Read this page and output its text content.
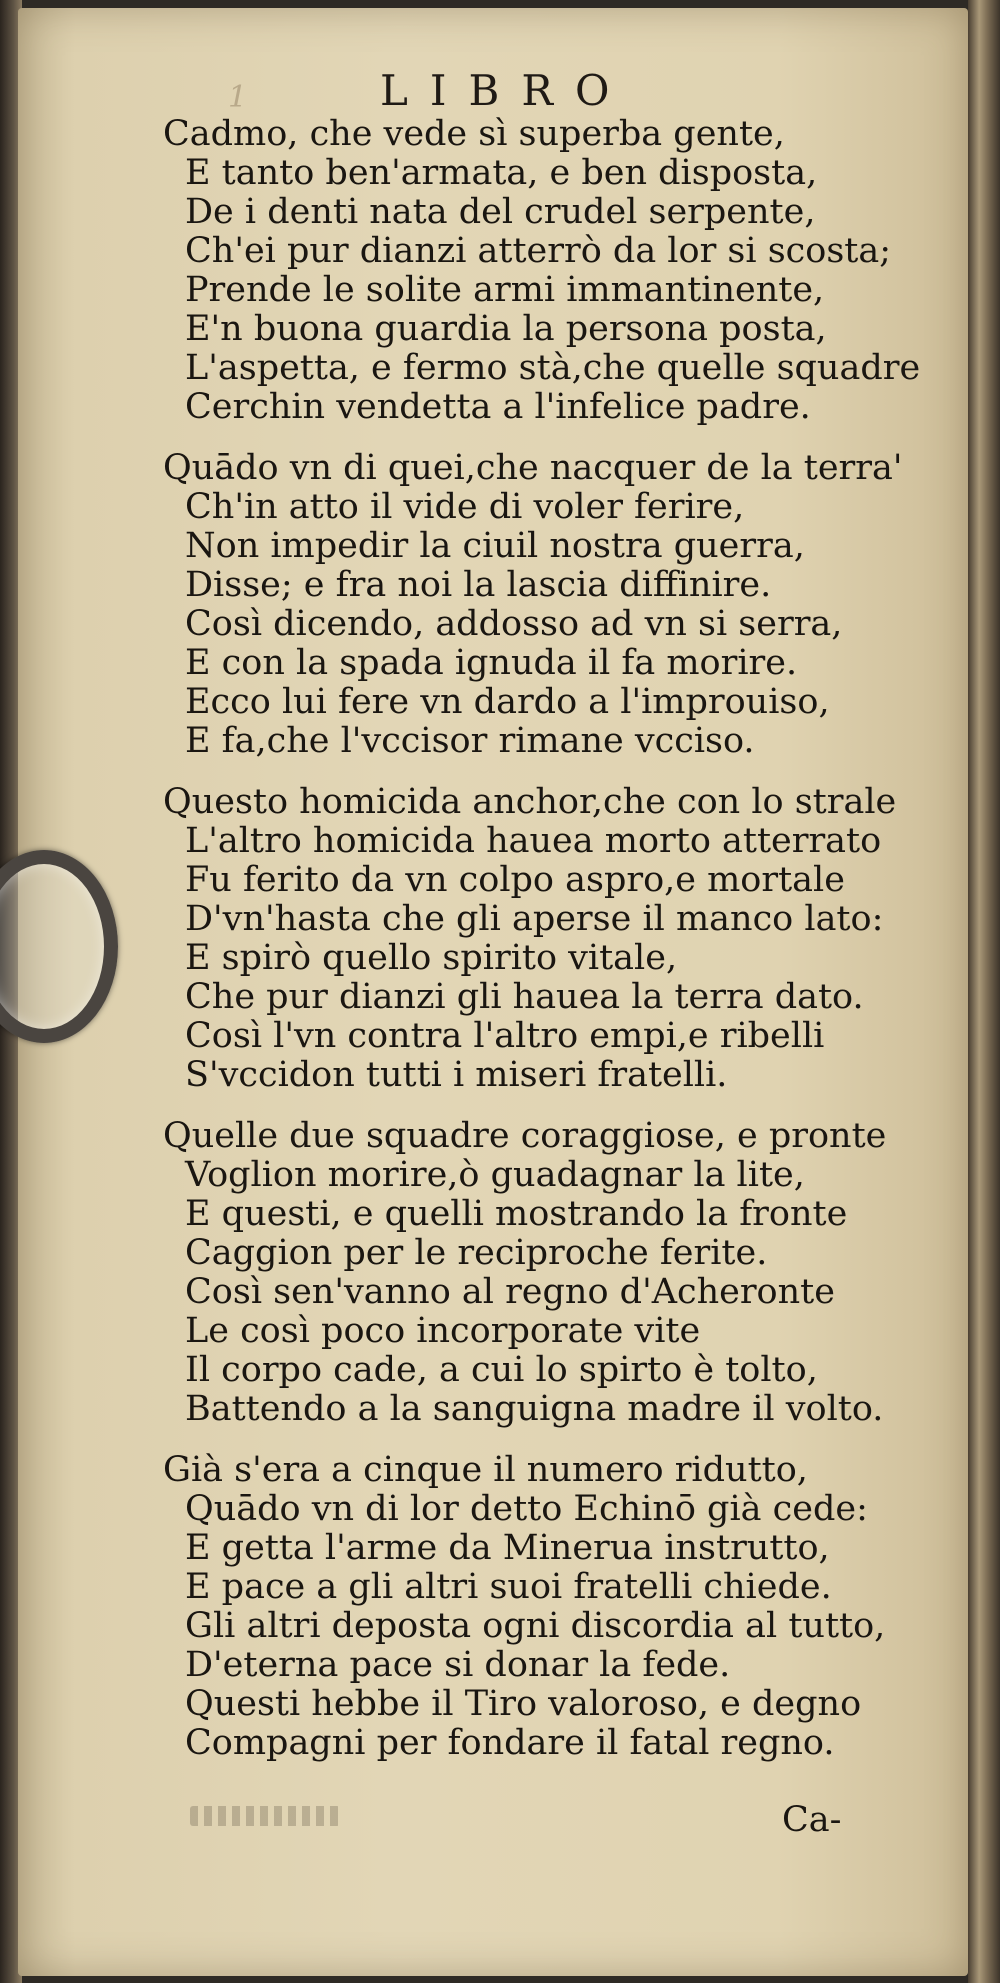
1	LIBRO
Cadmo, che vede sì superba gente,
E tanto ben'armata, e ben disposta,
De i denti nata del crudel serpente,
Ch'ei pur dianzi atterrò da lor si scosta;
Prende le solite armi immantinente,
E'n buona guardia la persona posta,
L'aspetta, e fermo stà,che quelle squadre
Cerchin vendetta a l'infelice padre.
Quādo vn di quei,che nacquer de la terra'
Ch'in atto il vide di voler ferire,
Non impedir la ciuil nostra guerra,
Disse; e fra noi la lascia diffinire.
Così dicendo, addosso ad vn si serra,
E con la spada ignuda il fa morire.
Ecco lui fere vn dardo a l'improuiso,
E fa,che l'vccisor rimane vcciso.
Questo homicida anchor,che con lo strale
L'altro homicida hauea morto atterrato
Fu ferito da vn colpo aspro,e mortale
D'vn'hasta che gli aperse il manco lato:
E spirò quello spirito vitale,
Che pur dianzi gli hauea la terra dato.
Così l'vn contra l'altro empi,e ribelli
S'vccidon tutti i miseri fratelli.
Quelle due squadre coraggiose, e pronte
Voglion morire,ò guadagnar la lite,
E questi, e quelli mostrando la fronte
Caggion per le reciproche ferite.
Così sen'vanno al regno d'Acheronte
Le così poco incorporate vite
Il corpo cade, a cui lo spirto è tolto,
Battendo a la sanguigna madre il volto.
Già s'era a cinque il numero ridutto,
Quādo vn di lor detto Echinō già cede:
E getta l'arme da Minerua instrutto,
E pace a gli altri suoi fratelli chiede.
Gli altri deposta ogni discordia al tutto,
D'eterna pace si donar la fede.
Questi hebbe il Tiro valoroso, e degno
Compagni per fondare il fatal regno.
Ca-
